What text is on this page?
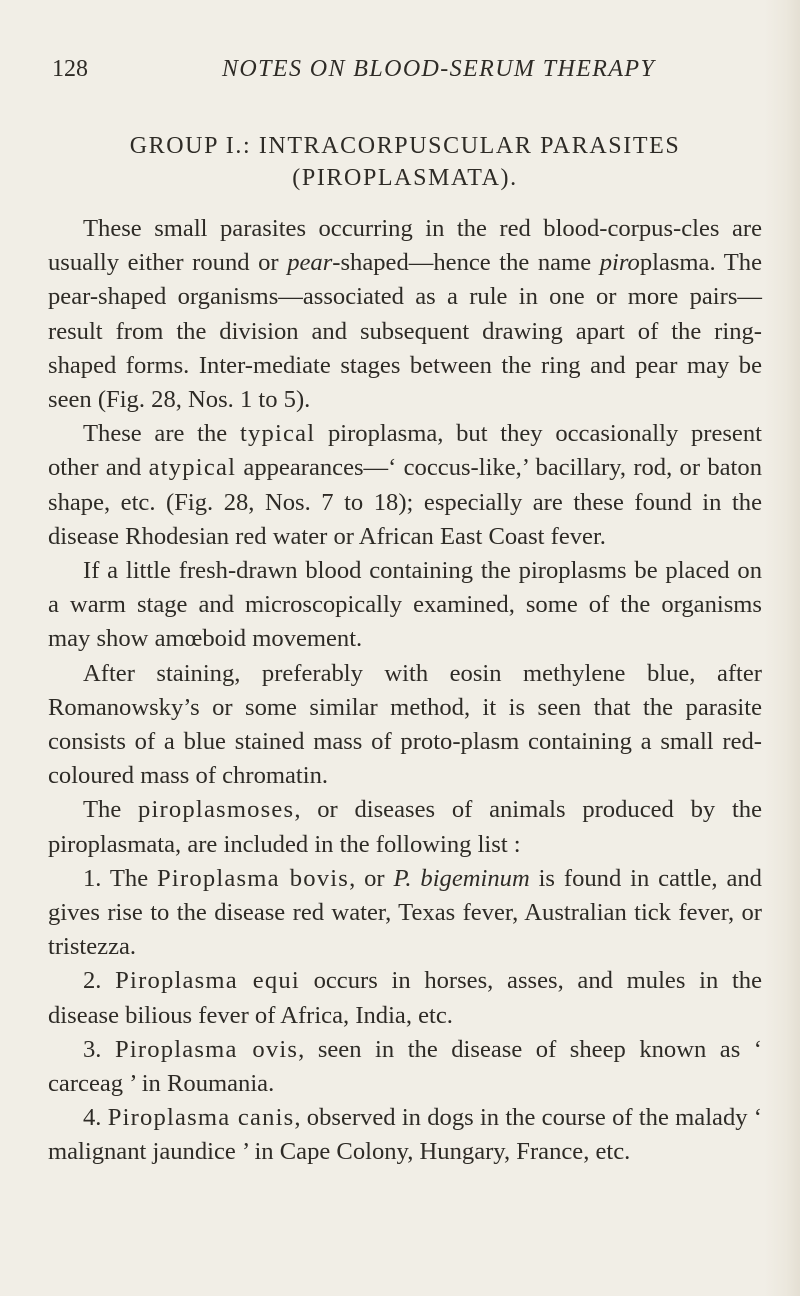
128	NOTES ON BLOOD-SERUM THERAPY
GROUP I.: INTRACORPUSCULAR PARASITES
(PIROPLASMATA).

These small parasites occurring in the red blood-corpus-cles are usually either round or pear-shaped—hence the name piroplasma. The pear-shaped organisms—associated as a rule in one or more pairs—result from the division and subsequent drawing apart of the ring-shaped forms. Inter-mediate stages between the ring and pear may be seen (Fig. 28, Nos. 1 to 5).

These are the typical piroplasma, but they occasionally present other and atypical appearances—‘ coccus-like,’ bacillary, rod, or baton shape, etc. (Fig. 28, Nos. 7 to 18); especially are these found in the disease Rhodesian red water or African East Coast fever.

If a little fresh-drawn blood containing the piroplasms be placed on a warm stage and microscopically examined, some of the organisms may show amœboid movement.

After staining, preferably with eosin methylene blue, after Romanowsky’s or some similar method, it is seen that the parasite consists of a blue stained mass of proto-plasm containing a small red-coloured mass of chromatin.

The piroplasmoses, or diseases of animals produced by the piroplasmata, are included in the following list :

1. The Piroplasma bovis, or P. bigeminum is found in cattle, and gives rise to the disease red water, Texas fever, Australian tick fever, or tristezza.

2. Piroplasma equi occurs in horses, asses, and mules in the disease bilious fever of Africa, India, etc.

3. Piroplasma ovis, seen in the disease of sheep known as ‘ carceag ’ in Roumania.

4. Piroplasma canis, observed in dogs in the course of the malady ‘ malignant jaundice ’ in Cape Colony, Hungary, France, etc.
